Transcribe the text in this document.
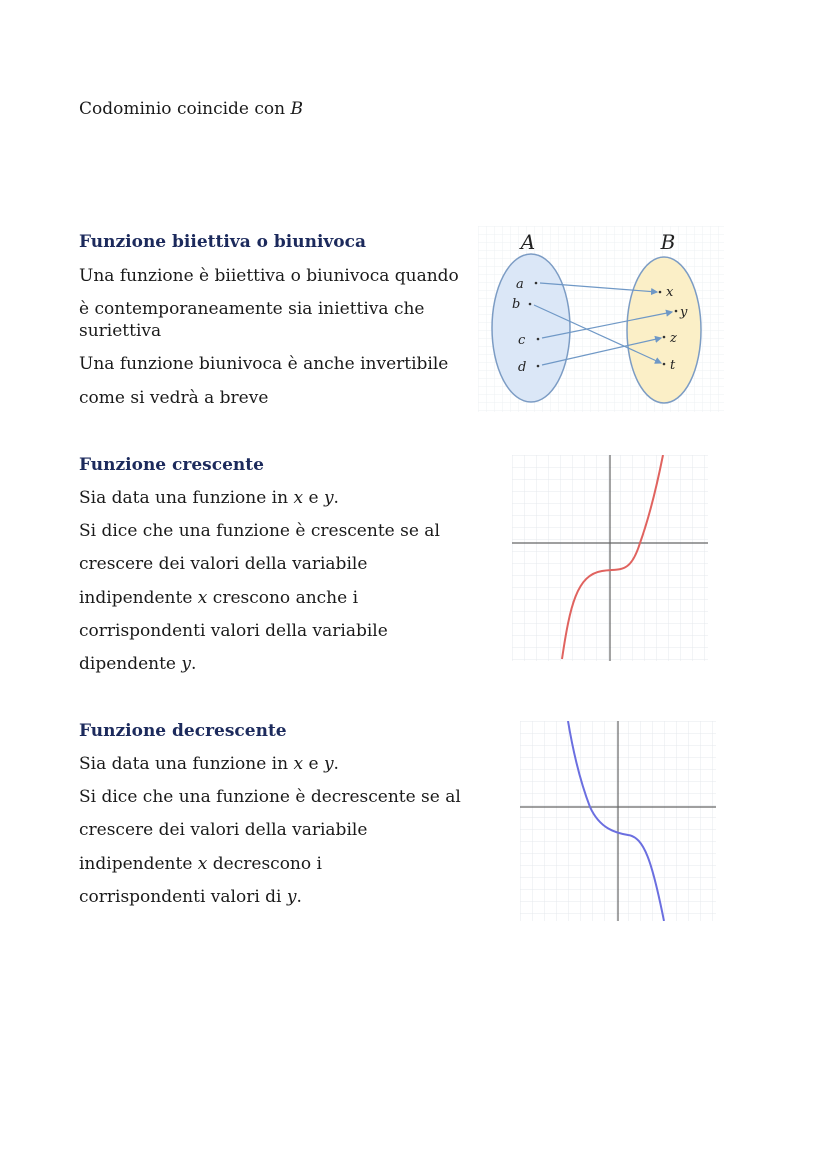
Codominio coincide con B
Funzione biiettiva o biunivoca
Una funzione è biiettiva o biunivoca quando
è contemporaneamente sia iniettiva che
suriettiva
Una funzione biunivoca è anche invertibile
come si vedrà a breve
A	B
a
b
c
d
x
y
z
t
Funzione crescente
Sia data una funzione in x e y.
Si dice che una funzione è crescente se al
crescere dei valori della variabile
indipendente x crescono anche i
corrispondenti valori della variabile
dipendente y.
Funzione decrescente
Sia data una funzione in x e y.
Si dice che una funzione è decrescente se al
crescere dei valori della variabile
indipendente x decrescono i
corrispondenti valori di y.
